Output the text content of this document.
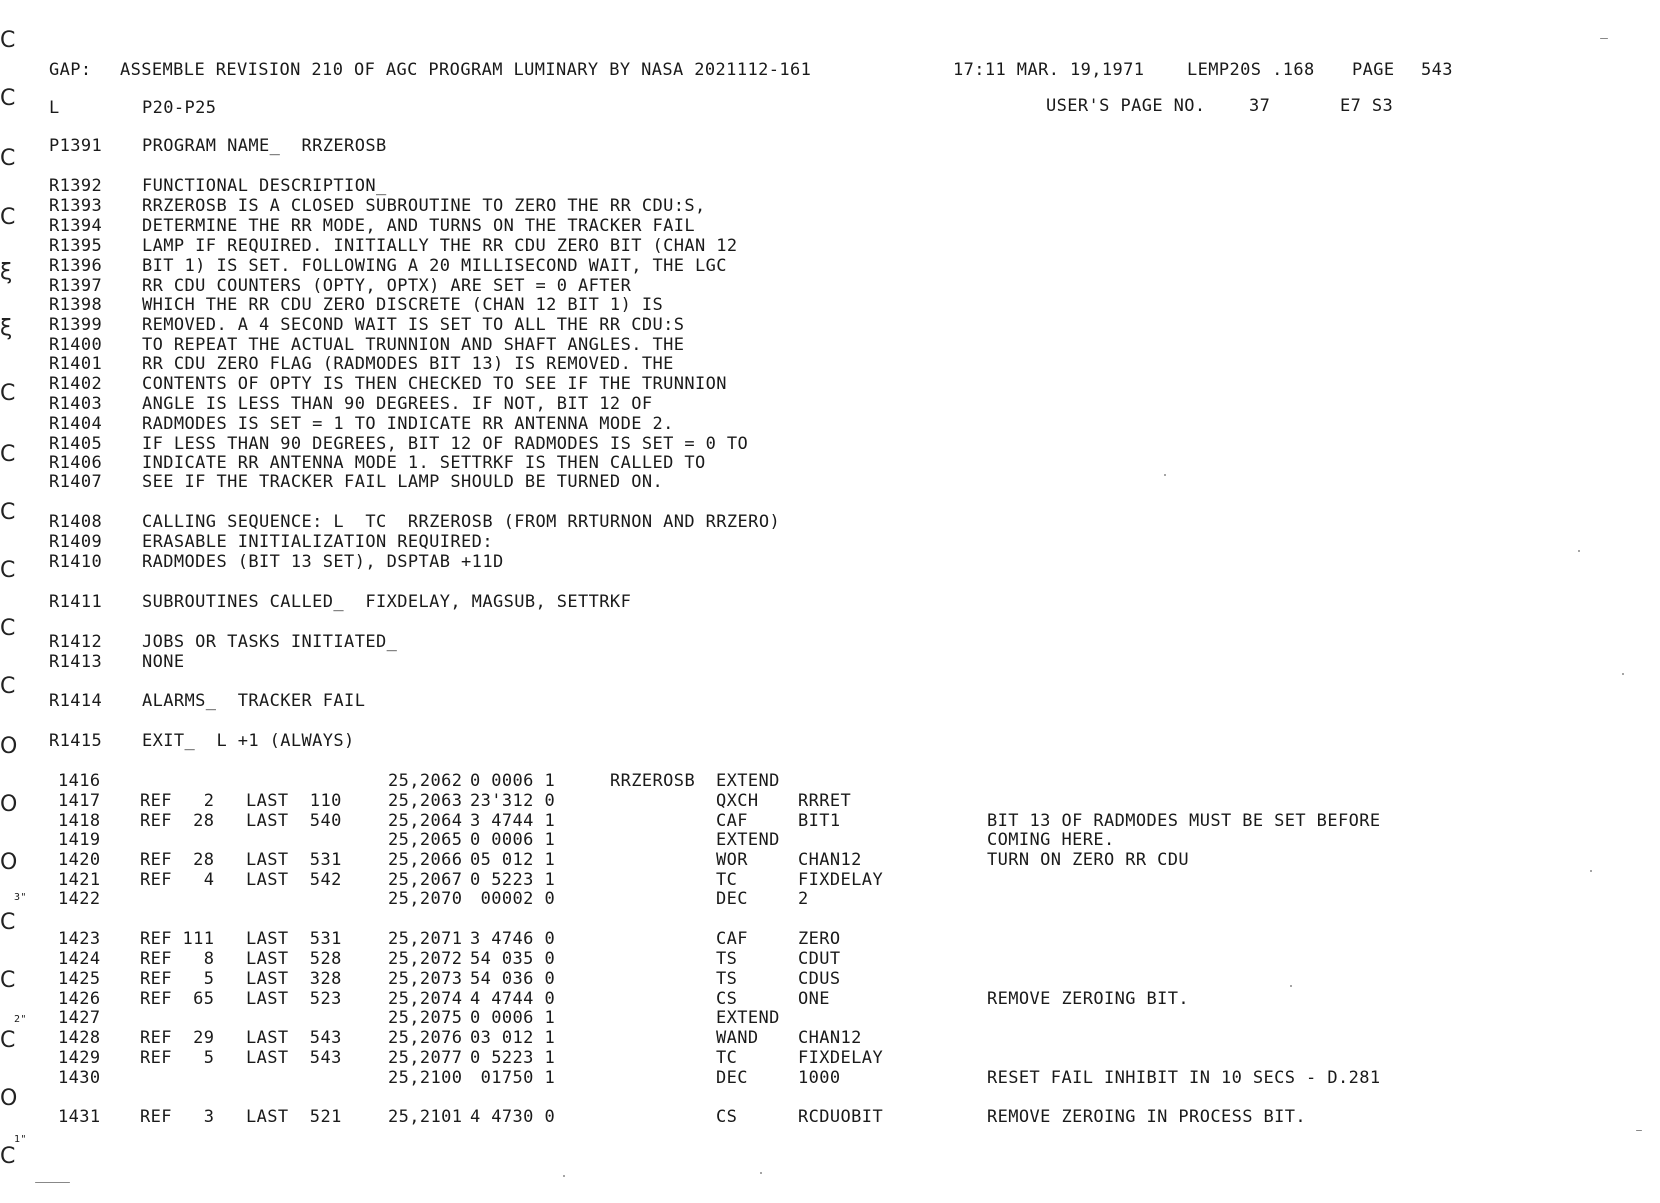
GAP: ASSEMBLE REVISION 210 OF AGC PROGRAM LUMINARY BY NASA 2021112-161	17:11 MAR. 19,1971	LEMP20S .168 PAGE 543
L	P20-P25	USER'S PAGE NO.	37	E7 S3
P1391 PROGRAM NAME_  RRZEROSB
R1392 FUNCTIONAL DESCRIPTION_
R1393 RRZEROSB IS A CLOSED SUBROUTINE TO ZERO THE RR CDU:S,
R1394 DETERMINE THE RR MODE, AND TURNS ON THE TRACKER FAIL
R1395 LAMP IF REQUIRED. INITIALLY THE RR CDU ZERO BIT (CHAN 12
R1396 BIT 1) IS SET. FOLLOWING A 20 MILLISECOND WAIT, THE LGC
R1397 RR CDU COUNTERS (OPTY, OPTX) ARE SET = 0 AFTER
R1398 WHICH THE RR CDU ZERO DISCRETE (CHAN 12 BIT 1) IS
R1399 REMOVED. A 4 SECOND WAIT IS SET TO ALL THE RR CDU:S
R1400 TO REPEAT THE ACTUAL TRUNNION AND SHAFT ANGLES. THE
R1401 RR CDU ZERO FLAG (RADMODES BIT 13) IS REMOVED. THE
R1402 CONTENTS OF OPTY IS THEN CHECKED TO SEE IF THE TRUNNION
R1403 ANGLE IS LESS THAN 90 DEGREES. IF NOT, BIT 12 OF
R1404 RADMODES IS SET = 1 TO INDICATE RR ANTENNA MODE 2.
R1405 IF LESS THAN 90 DEGREES, BIT 12 OF RADMODES IS SET = 0 TO
R1406 INDICATE RR ANTENNA MODE 1. SETTRKF IS THEN CALLED TO
R1407 SEE IF THE TRACKER FAIL LAMP SHOULD BE TURNED ON.
R1408 CALLING SEQUENCE: L  TC  RRZEROSB (FROM RRTURNON AND RRZERO)
R1409 ERASABLE INITIALIZATION REQUIRED:
R1410 RADMODES (BIT 13 SET), DSPTAB +11D
R1411 SUBROUTINES CALLED_  FIXDELAY, MAGSUB, SETTRKF
R1412 JOBS OR TASKS INITIATED_
R1413 NONE
R1414 ALARMS_  TRACKER FAIL
R1415 EXIT_  L +1 (ALWAYS)
1416	25,2062 0 0006 1	RRZEROSB EXTEND
1417 REF   2 LAST  110	25,2063 23'312 0	QXCH RRRET
1418 REF  28 LAST  540	25,2064 3 4744 1	CAF	BIT1	BIT 13 OF RADMODES MUST BE SET BEFORE
1419	25,2065 0 0006 1	EXTEND	COMING HERE.
1420 REF  28 LAST  531	25,2066 05 012 1	WOR	CHAN12	TURN ON ZERO RR CDU
1421 REF   4 LAST  542	25,2067 0 5223 1	TC	FIXDELAY
1422	25,2070 00002 0	DEC	2
1423 REF 111 LAST  531	25,2071 3 4746 0	CAF	ZERO
1424 REF   8 LAST  528	25,2072 54 035 0	TS	CDUT
1425 REF   5 LAST  328	25,2073 54 036 0	TS	CDUS
1426 REF  65 LAST  523	25,2074 4 4744 0	CS	ONE	REMOVE ZEROING BIT.
1427	25,2075 0 0006 1	EXTEND
1428 REF  29 LAST  543	25,2076 03 012 1	WAND CHAN12
1429 REF   5 LAST  543	25,2077 0 5223 1	TC	FIXDELAY
1430	25,2100 01750 1	DEC	1000	RESET FAIL INHIBIT IN 10 SECS - D.281
1431 REF   3 LAST  521	25,2101 4 4730 0	CS	RCDUOBIT	REMOVE ZEROING IN PROCESS BIT.
C
C
C
C
ξ
ξ
C
C
C
C
C
C
O
O
O
C
C
C
O
C
3"
2"
1"
